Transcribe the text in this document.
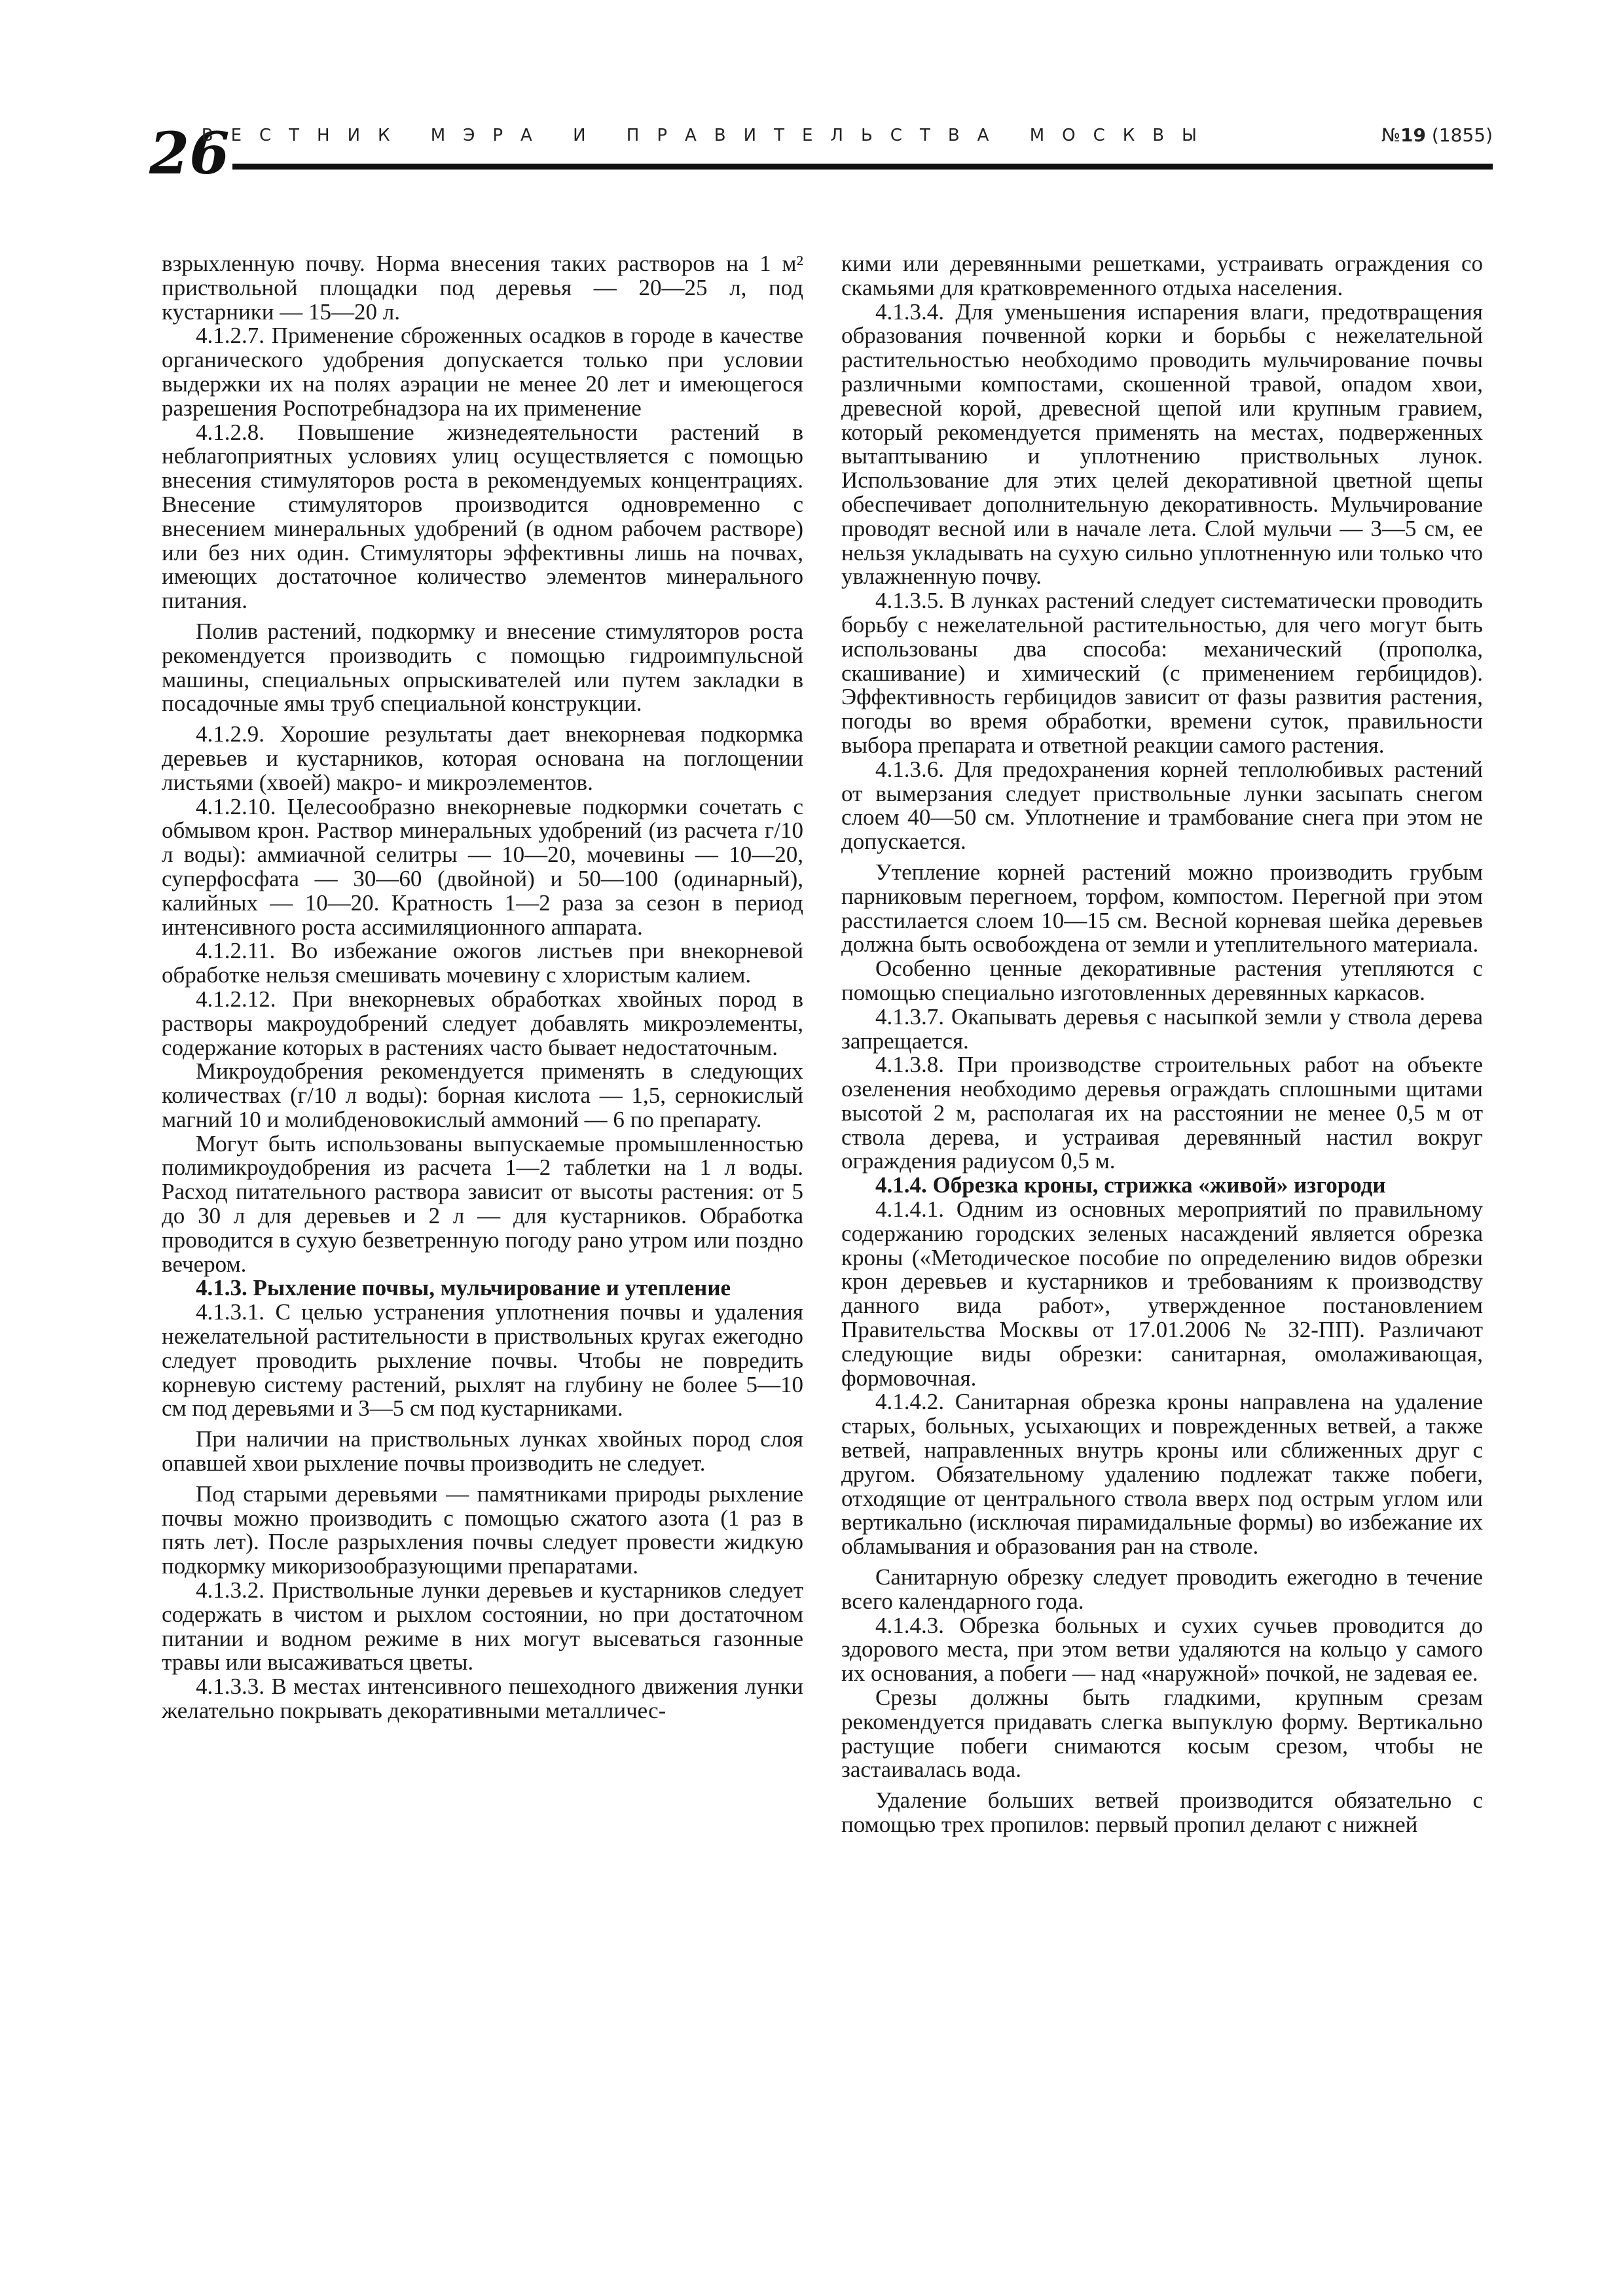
26
ВЕСТНИК МЭРА И ПРАВИТЕЛЬСТВА МОСКВЫ	№19 (1855)

взрыхленную почву. Норма внесения таких растворов на 1 м² приствольной площадки под деревья — 20—25 л, под кустарники — 15—20 л.

4.1.2.7. Применение сброженных осадков в городе в качестве органического удобрения допускается только при условии выдержки их на полях аэрации не менее 20 лет и имеющегося разрешения Роспотребнадзора на их применение

4.1.2.8. Повышение жизнедеятельности растений в неблагоприятных условиях улиц осуществляется с помощью внесения стимуляторов роста в рекомендуемых концентрациях. Внесение стимуляторов производится одновременно с внесением минеральных удобрений (в одном рабочем растворе) или без них один. Стимуляторы эффективны лишь на почвах, имеющих достаточное количество элементов минерального питания.

Полив растений, подкормку и внесение стимуляторов роста рекомендуется производить с помощью гидроимпульсной машины, специальных опрыскивателей или путем закладки в посадочные ямы труб специальной конструкции.

4.1.2.9. Хорошие результаты дает внекорневая подкормка деревьев и кустарников, которая основана на поглощении листьями (хвоей) макро- и микроэлементов.

4.1.2.10. Целесообразно внекорневые подкормки сочетать с обмывом крон. Раствор минеральных удобрений (из расчета г/10 л воды): аммиачной селитры — 10—20, мочевины — 10—20, суперфосфата — 30—60 (двойной) и 50—100 (одинарный), калийных — 10—20. Кратность 1—2 раза за сезон в период интенсивного роста ассимиляционного аппарата.

4.1.2.11. Во избежание ожогов листьев при внекорневой обработке нельзя смешивать мочевину с хлористым калием.

4.1.2.12. При внекорневых обработках хвойных пород в растворы макроудобрений следует добавлять микроэлементы, содержание которых в растениях часто бывает недостаточным.

Микроудобрения рекомендуется применять в следующих количествах (г/10 л воды): борная кислота — 1,5, сернокислый магний 10 и молибденовокислый аммоний — 6 по препарату.

Могут быть использованы выпускаемые промышленностью полимикроудобрения из расчета 1—2 таблетки на 1 л воды. Расход питательного раствора зависит от высоты растения: от 5 до 30 л для деревьев и 2 л — для кустарников. Обработка проводится в сухую безветренную погоду рано утром или поздно вечером.

4.1.3. Рыхление почвы, мульчирование и утепление

4.1.3.1. С целью устранения уплотнения почвы и удаления нежелательной растительности в приствольных кругах ежегодно следует проводить рыхление почвы. Чтобы не повредить корневую систему растений, рыхлят на глубину не более 5—10 см под деревьями и 3—5 см под кустарниками.

При наличии на приствольных лунках хвойных пород слоя опавшей хвои рыхление почвы производить не следует.

Под старыми деревьями — памятниками природы рыхление почвы можно производить с помощью сжатого азота (1 раз в пять лет). После разрыхления почвы следует провести жидкую подкормку микоризообразующими препаратами.

4.1.3.2. Приствольные лунки деревьев и кустарников следует содержать в чистом и рыхлом состоянии, но при достаточном питании и водном режиме в них могут высеваться газонные травы или высаживаться цветы.

4.1.3.3. В местах интенсивного пешеходного движения лунки желательно покрывать декоративными металличес-

кими или деревянными решетками, устраивать ограждения со скамьями для кратковременного отдыха населения.

4.1.3.4. Для уменьшения испарения влаги, предотвращения образования почвенной корки и борьбы с нежелательной растительностью необходимо проводить мульчирование почвы различными компостами, скошенной травой, опадом хвои, древесной корой, древесной щепой или крупным гравием, который рекомендуется применять на местах, подверженных вытаптыванию и уплотнению приствольных лунок. Использование для этих целей декоративной цветной щепы обеспечивает дополнительную декоративность. Мульчирование проводят весной или в начале лета. Слой мульчи — 3—5 см, ее нельзя укладывать на сухую сильно уплотненную или только что увлажненную почву.

4.1.3.5. В лунках растений следует систематически проводить борьбу с нежелательной растительностью, для чего могут быть использованы два способа: механический (прополка, скашивание) и химический (с применением гербицидов). Эффективность гербицидов зависит от фазы развития растения, погоды во время обработки, времени суток, правильности выбора препарата и ответной реакции самого растения.

4.1.3.6. Для предохранения корней теплолюбивых растений от вымерзания следует приствольные лунки засыпать снегом слоем 40—50 см. Уплотнение и трамбование снега при этом не допускается.

Утепление корней растений можно производить грубым парниковым перегноем, торфом, компостом. Перегной при этом расстилается слоем 10—15 см. Весной корневая шейка деревьев должна быть освобождена от земли и утеплительного материала.

Особенно ценные декоративные растения утепляются с помощью специально изготовленных деревянных каркасов.

4.1.3.7. Окапывать деревья с насыпкой земли у ствола дерева запрещается.

4.1.3.8. При производстве строительных работ на объекте озеленения необходимо деревья ограждать сплошными щитами высотой 2 м, располагая их на расстоянии не менее 0,5 м от ствола дерева, и устраивая деревянный настил вокруг ограждения радиусом 0,5 м.

4.1.4. Обрезка кроны, стрижка «живой» изгороди

4.1.4.1. Одним из основных мероприятий по правильному содержанию городских зеленых насаждений является обрезка кроны («Методическое пособие по определению видов обрезки крон деревьев и кустарников и требованиям к производству данного вида работ», утвержденное постановлением Правительства Москвы от 17.01.2006 № 32-ПП). Различают следующие виды обрезки: санитарная, омолаживающая, формовочная.

4.1.4.2. Санитарная обрезка кроны направлена на удаление старых, больных, усыхающих и поврежденных ветвей, а также ветвей, направленных внутрь кроны или сближенных друг с другом. Обязательному удалению подлежат также побеги, отходящие от центрального ствола вверх под острым углом или вертикально (исключая пирамидальные формы) во избежание их обламывания и образования ран на стволе.

Санитарную обрезку следует проводить ежегодно в течение всего календарного года.

4.1.4.3. Обрезка больных и сухих сучьев проводится до здорового места, при этом ветви удаляются на кольцо у самого их основания, а побеги — над «наружной» почкой, не задевая ее.

Срезы должны быть гладкими, крупным срезам рекомендуется придавать слегка выпуклую форму. Вертикально растущие побеги снимаются косым срезом, чтобы не застаивалась вода.

Удаление больших ветвей производится обязательно с помощью трех пропилов: первый пропил делают с нижней
